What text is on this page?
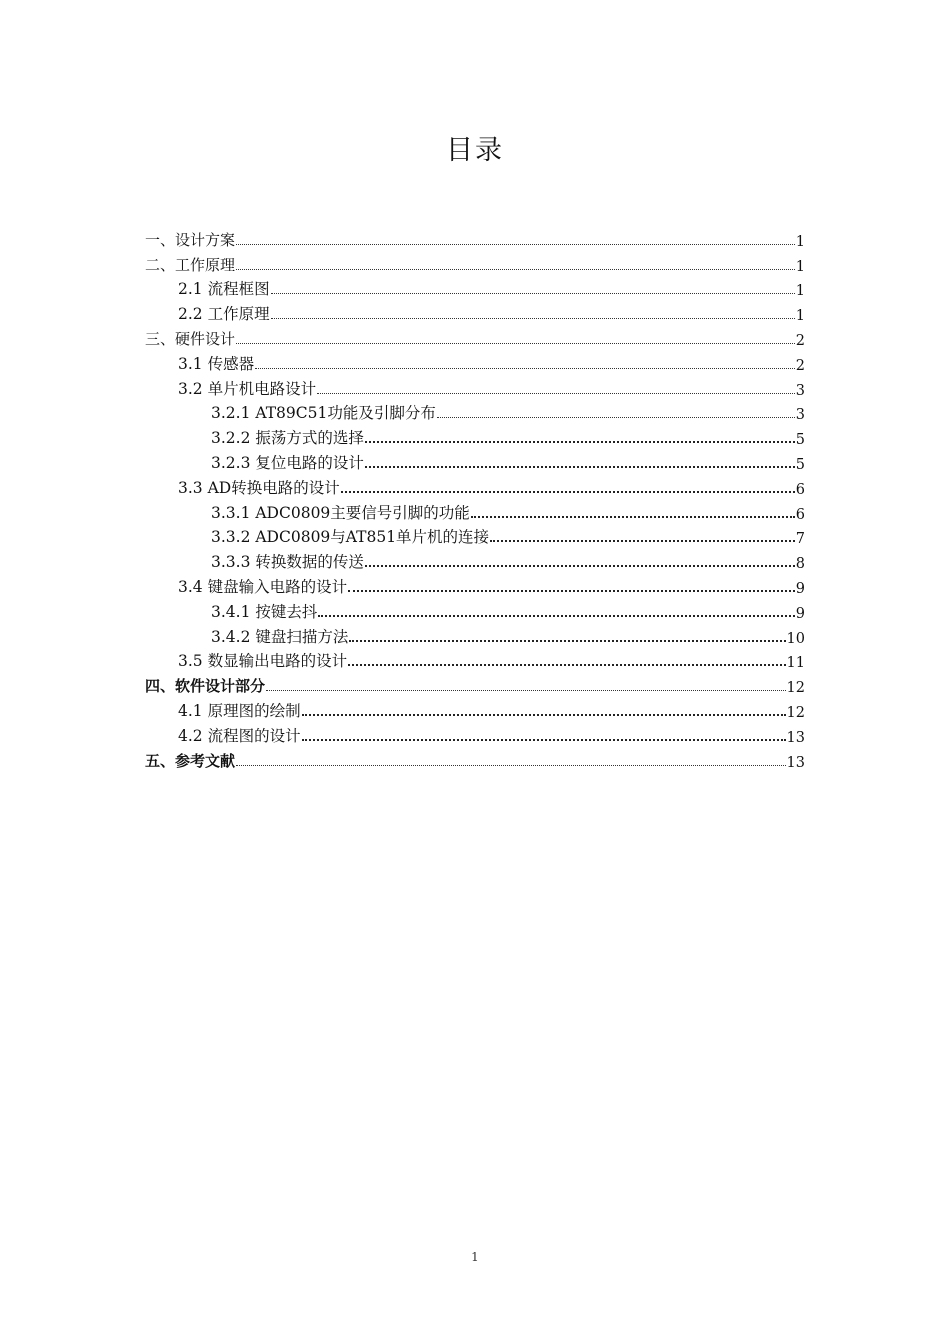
目录
一、设计方案	1
二、工作原理	1
2.1 流程框图	1
2.2 工作原理	1
三、硬件设计	2
3.1 传感器	2
3.2 单片机电路设计	3
3.2.1 AT89C51功能及引脚分布	3
3.2.2 振荡方式的选择	5
3.2.3 复位电路的设计	5
3.3 AD转换电路的设计	6
3.3.1 ADC0809主要信号引脚的功能	6
3.3.2 ADC0809与AT851单片机的连接	7
3.3.3 转换数据的传送	8
3.4 键盘输入电路的设计	9
3.4.1 按键去抖	9
3.4.2 键盘扫描方法	10
3.5 数显输出电路的设计	11
四、软件设计部分	12
4.1 原理图的绘制	12
4.2 流程图的设计	13
五、参考文献	13
1
